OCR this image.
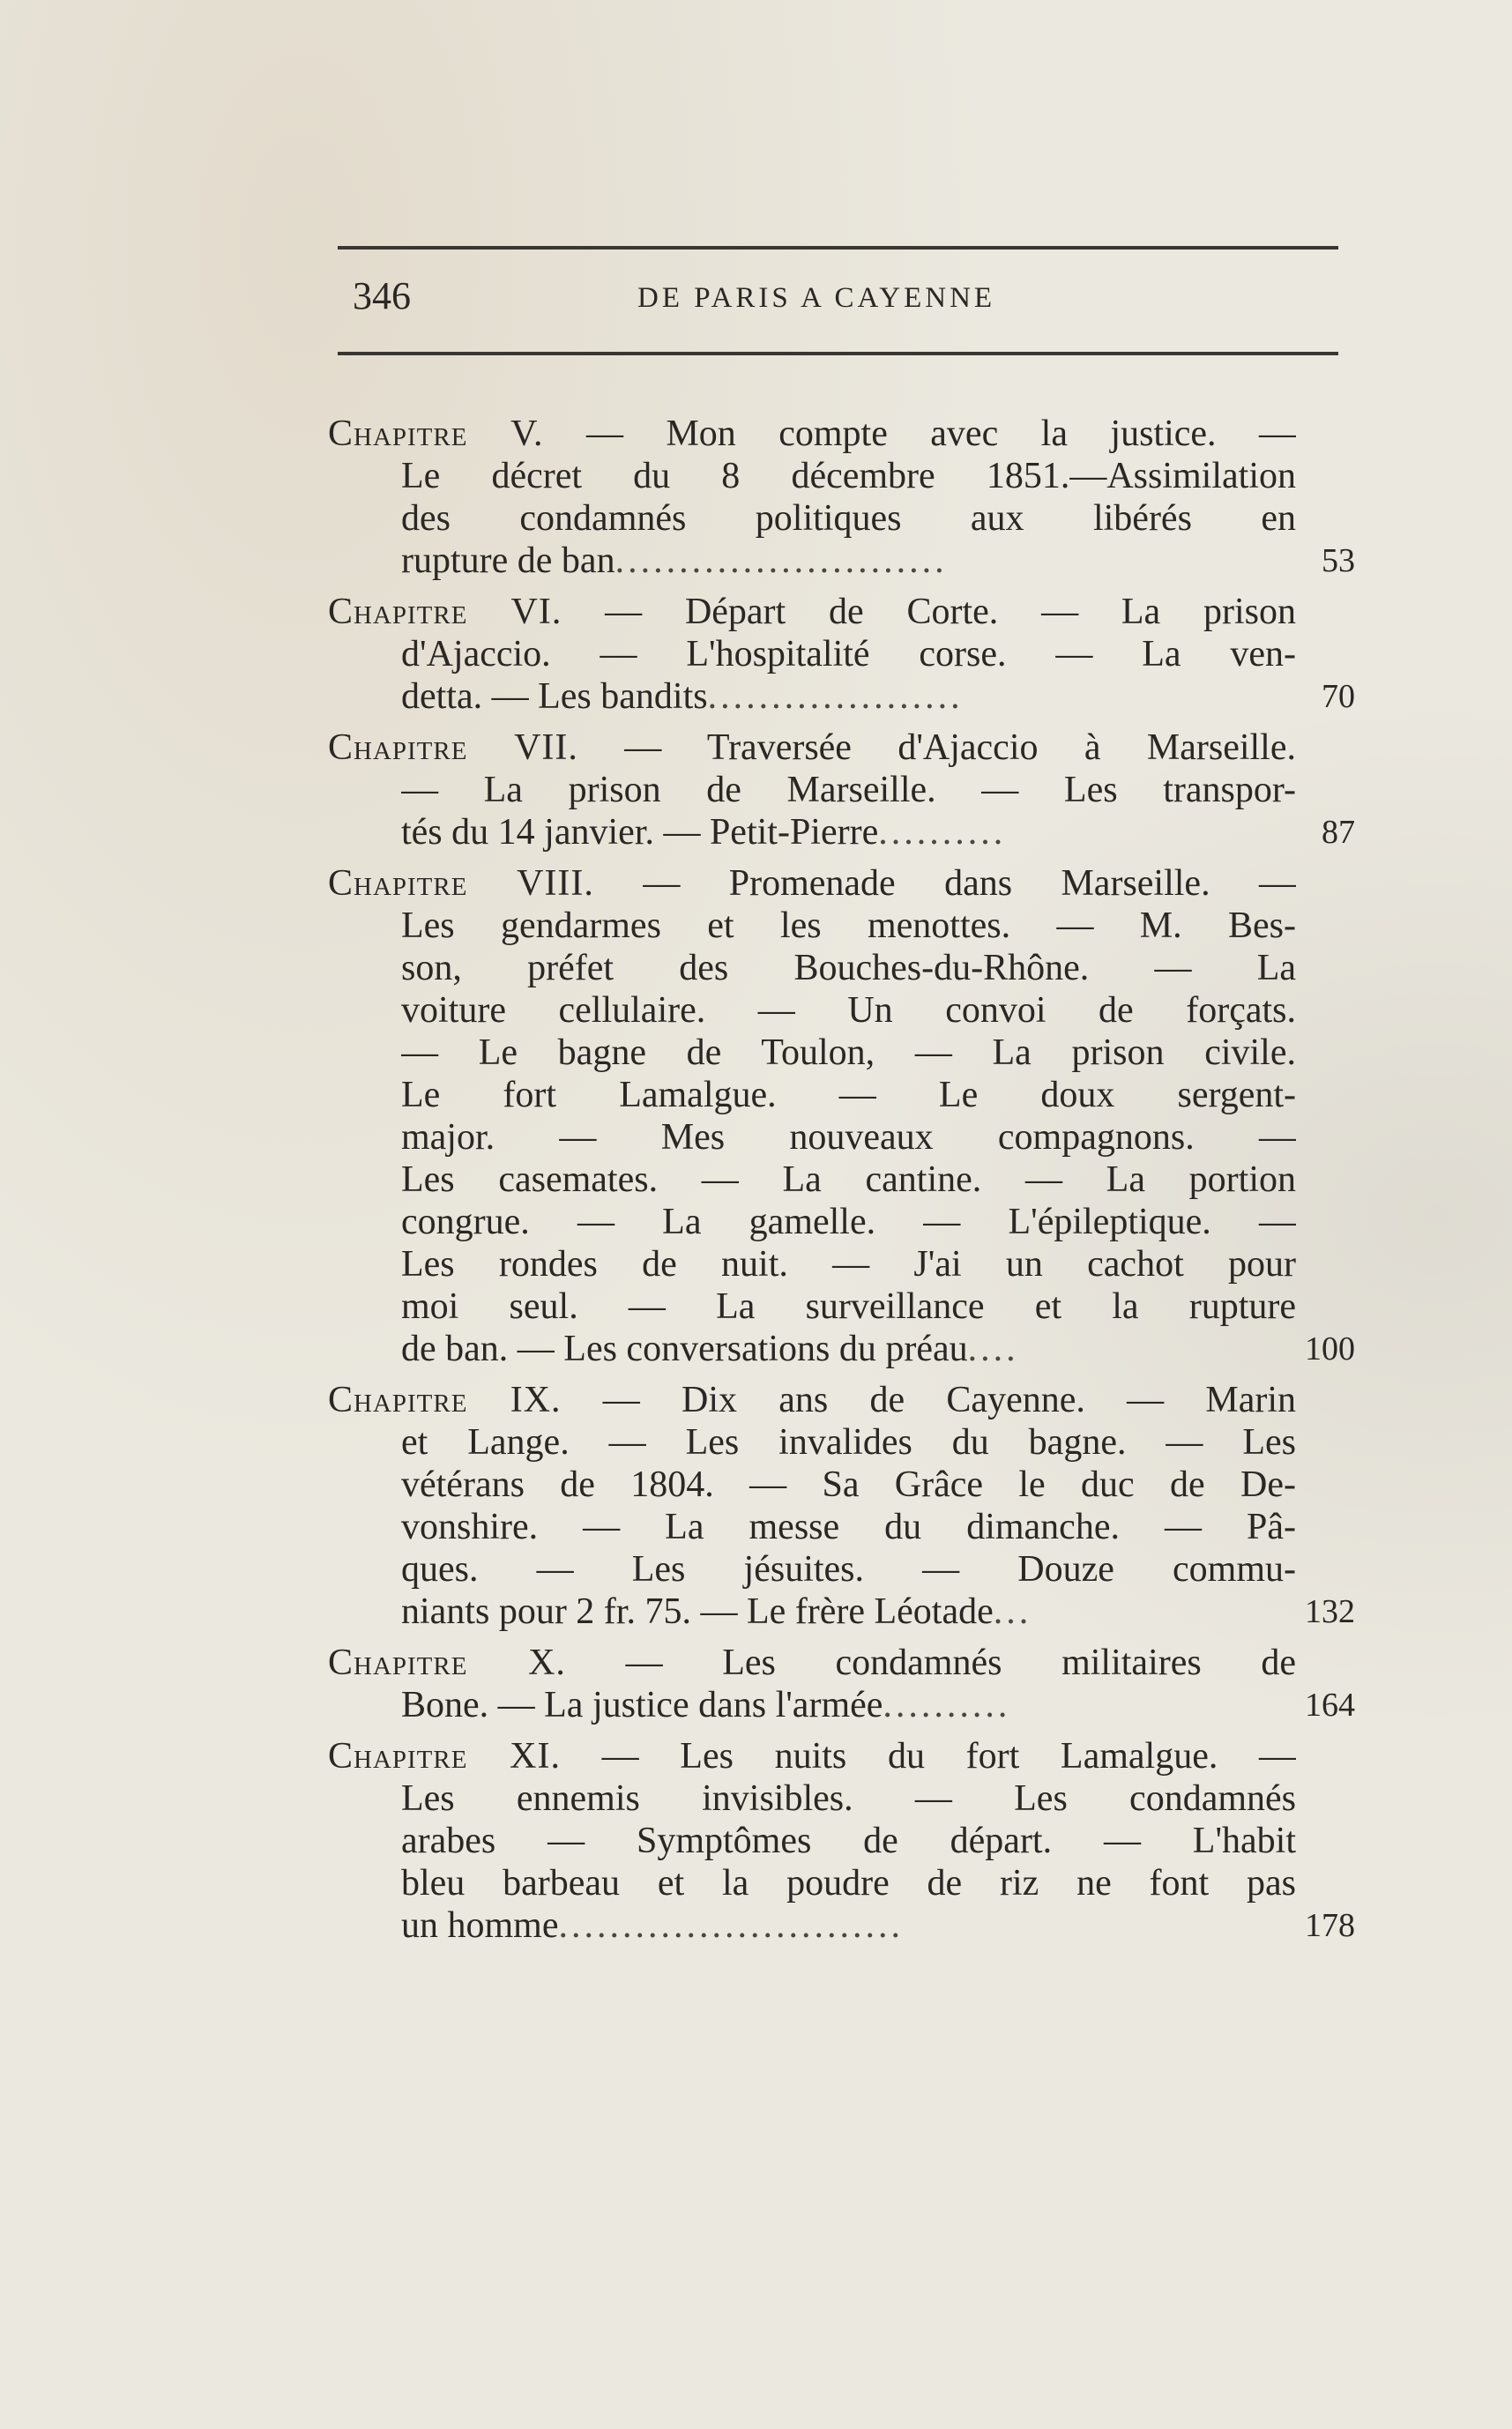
346	DE PARIS A CAYENNE
Chapitre V. — Mon compte avec la justice. —
Le décret du 8 décembre 1851.—Assimilation
des condamnés politiques aux libérés en
rupture de ban..........................	53
Chapitre VI. — Départ de Corte. — La prison
d'Ajaccio. — L'hospitalité corse. — La ven-
detta. — Les bandits....................	70
Chapitre VII. — Traversée d'Ajaccio à Marseille.
— La prison de Marseille. — Les transpor-
tés du 14 janvier. — Petit-Pierre..........	87
Chapitre VIII. — Promenade dans Marseille. —
Les gendarmes et les menottes. — M. Bes-
son, préfet des Bouches-du-Rhône. — La
voiture cellulaire. — Un convoi de forçats.
— Le bagne de Toulon, — La prison civile.
Le fort Lamalgue. — Le doux sergent-
major. — Mes nouveaux compagnons. —
Les casemates. — La cantine. — La portion
congrue. — La gamelle. — L'épileptique. —
Les rondes de nuit. — J'ai un cachot pour
moi seul. — La surveillance et la rupture
de ban. — Les conversations du préau....	100
Chapitre IX. — Dix ans de Cayenne. — Marin
et Lange. — Les invalides du bagne. — Les
vétérans de 1804. — Sa Grâce le duc de De-
vonshire. — La messe du dimanche. — Pâ-
ques. — Les jésuites. — Douze commu-
niants pour 2 fr. 75. — Le frère Léotade...	132
Chapitre X. — Les condamnés militaires de
Bone. — La justice dans l'armée..........	164
Chapitre XI. — Les nuits du fort Lamalgue. —
Les ennemis invisibles. — Les condamnés
arabes — Symptômes de départ. — L'habit
bleu barbeau et la poudre de riz ne font pas
un homme...........................	178
